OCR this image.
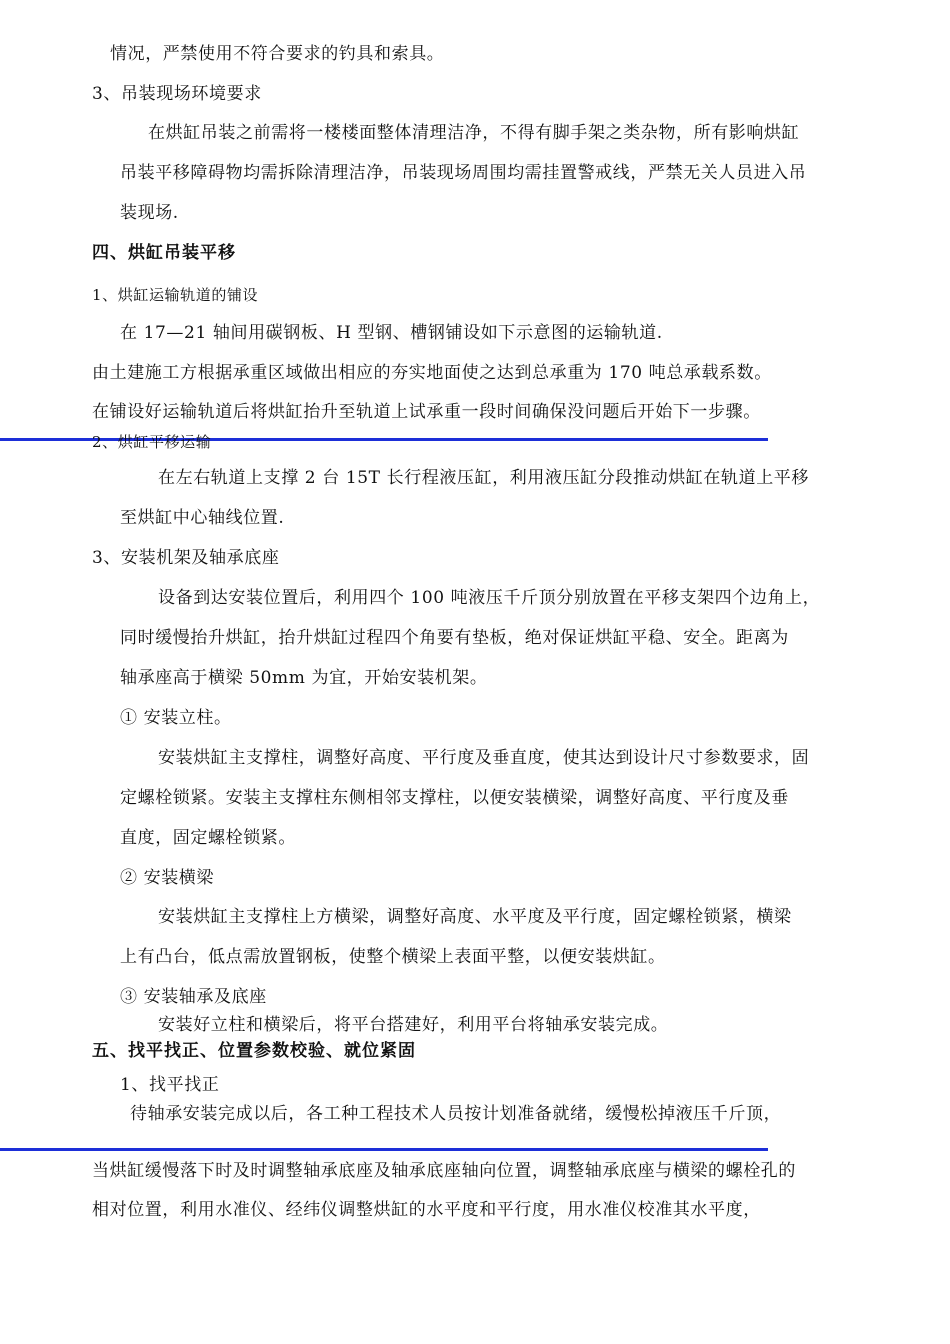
情况，严禁使用不符合要求的钓具和索具。
3、吊装现场环境要求
在烘缸吊装之前需将一楼楼面整体清理洁净，不得有脚手架之类杂物，所有影响烘缸
吊装平移障碍物均需拆除清理洁净，吊装现场周围均需挂置警戒线，严禁无关人员进入吊
装现场.
四、烘缸吊装平移
1、烘缸运输轨道的铺设
在 17—21 轴间用碳钢板、H 型钢、槽钢铺设如下示意图的运输轨道.
由土建施工方根据承重区域做出相应的夯实地面使之达到总承重为 170 吨总承载系数。
在铺设好运输轨道后将烘缸抬升至轨道上试承重一段时间确保没问题后开始下一步骤。
2、烘缸平移运输
在左右轨道上支撑 2 台 15T 长行程液压缸，利用液压缸分段推动烘缸在轨道上平移
至烘缸中心轴线位置.
3、安装机架及轴承底座
设备到达安装位置后，利用四个 100 吨液压千斤顶分别放置在平移支架四个边角上，
同时缓慢抬升烘缸，抬升烘缸过程四个角要有垫板，绝对保证烘缸平稳、安全。距离为
轴承座高于横梁 50mm 为宜，开始安装机架。
① 安装立柱。
安装烘缸主支撑柱，调整好高度、平行度及垂直度，使其达到设计尺寸参数要求，固
定螺栓锁紧。安装主支撑柱东侧相邻支撑柱，以便安装横梁，调整好高度、平行度及垂
直度，固定螺栓锁紧。
② 安装横梁
安装烘缸主支撑柱上方横梁，调整好高度、水平度及平行度，固定螺栓锁紧，横梁
上有凸台，低点需放置钢板，使整个横梁上表面平整，以便安装烘缸。
③ 安装轴承及底座
安装好立柱和横梁后，将平台搭建好，利用平台将轴承安装完成。
五、找平找正、位置参数校验、就位紧固
1、找平找正
待轴承安装完成以后，各工种工程技术人员按计划准备就绪，缓慢松掉液压千斤顶，
当烘缸缓慢落下时及时调整轴承底座及轴承底座轴向位置，调整轴承底座与横梁的螺栓孔的
相对位置，利用水准仪、经纬仪调整烘缸的水平度和平行度，用水准仪校准其水平度，
